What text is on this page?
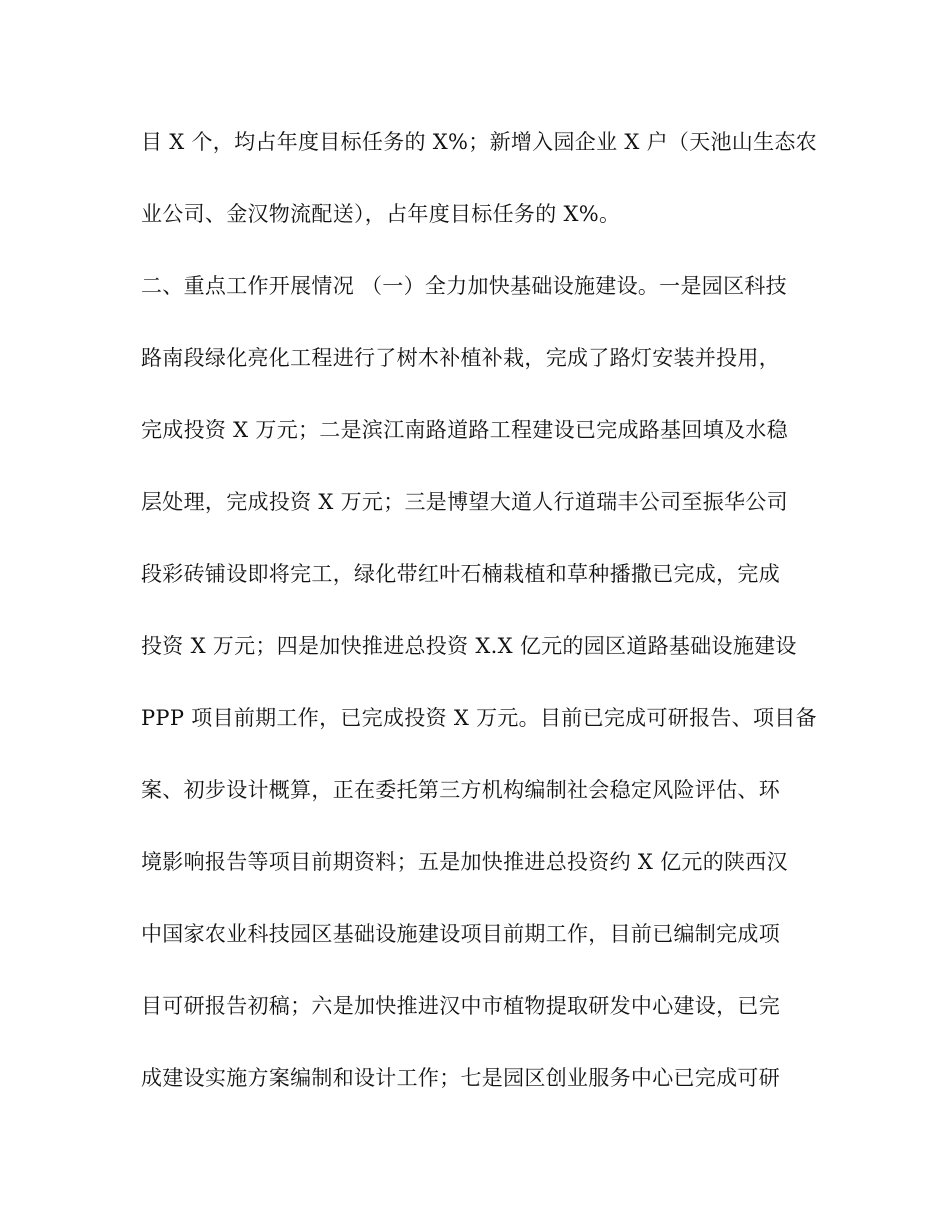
目 X 个，均占年度目标任务的 X%；新增入园企业 X 户（天池山生态农
业公司、金汉物流配送），占年度目标任务的 X%。
二、重点工作开展情况 （一）全力加快基础设施建设。一是园区科技
路南段绿化亮化工程进行了树木补植补栽，完成了路灯安装并投用，
完成投资 X 万元；二是滨江南路道路工程建设已完成路基回填及水稳
层处理，完成投资 X 万元；三是博望大道人行道瑞丰公司至振华公司
段彩砖铺设即将完工，绿化带红叶石楠栽植和草种播撒已完成，完成
投资 X 万元；四是加快推进总投资 X.X 亿元的园区道路基础设施建设
PPP 项目前期工作，已完成投资 X 万元。目前已完成可研报告、项目备
案、初步设计概算，正在委托第三方机构编制社会稳定风险评估、环
境影响报告等项目前期资料；五是加快推进总投资约 X 亿元的陕西汉
中国家农业科技园区基础设施建设项目前期工作，目前已编制完成项
目可研报告初稿；六是加快推进汉中市植物提取研发中心建设，已完
成建设实施方案编制和设计工作；七是园区创业服务中心已完成可研
